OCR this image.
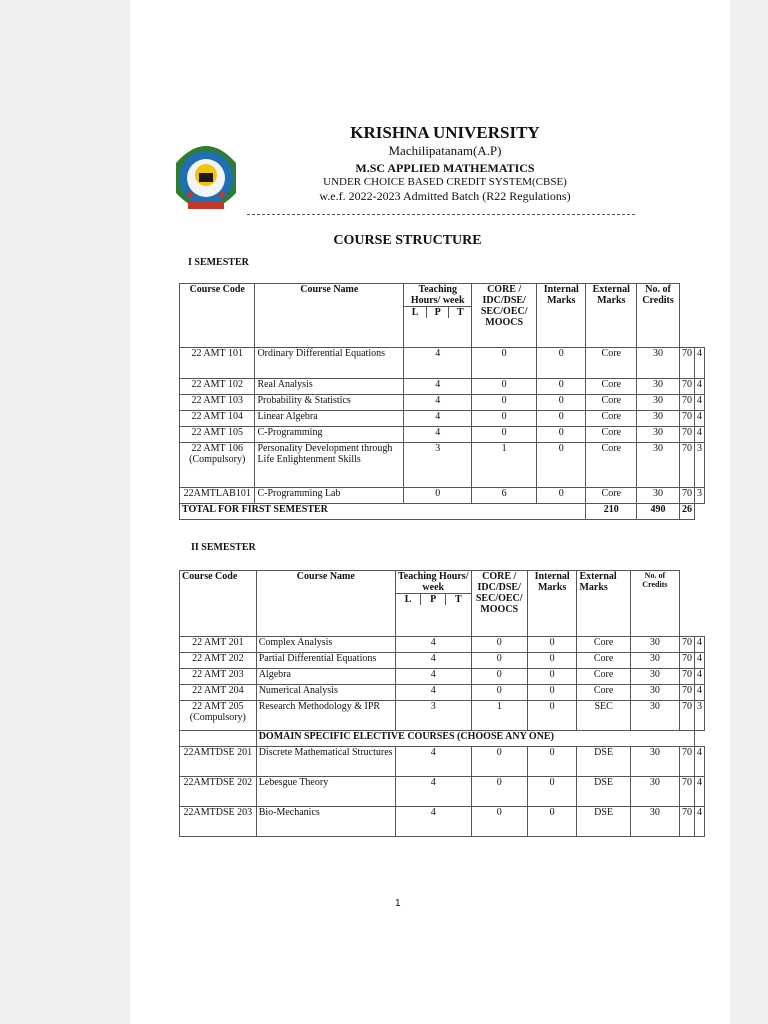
KRISHNA UNIVERSITY
Machilipatanam(A.P)
M.SC APPLIED MATHEMATICS
UNDER CHOICE BASED CREDIT SYSTEM(CBSE)
w.e.f. 2022-2023 Admitted Batch (R22 Regulations)
COURSE STRUCTURE
I SEMESTER
Course Code	Course Name	Teaching Hours/ week
L	P	T
	CORE / IDC/DSE/ SEC/OEC/ MOOCS	Internal Marks	External Marks	No. of Credits
22 AMT 101	Ordinary Differential Equations	4	0	0	Core	30	70	4
22 AMT 102	Real Analysis	4	0	0	Core	30	70	4
22 AMT 103	Probability & Statistics	4	0	0	Core	30	70	4
22 AMT 104	Linear Algebra	4	0	0	Core	30	70	4
22 AMT 105	C-Programming	4	0	0	Core	30	70	4
22 AMT 106 (Compulsory)	Personality Development through Life Enlightenment Skills	3	1	0	Core	30	70	3
22AMTLAB101	C-Programming Lab	0	6	0	Core	30	70	3
TOTAL FOR FIRST SEMESTER	210	490	26
II SEMESTER
Course Code	Course Name	Teaching Hours/ week
L	P	T
	CORE / IDC/DSE/ SEC/OEC/ MOOCS	Internal Marks	External Marks	No. of Credits
22 AMT 201	Complex Analysis	4	0	0	Core	30	70	4
22 AMT 202	Partial Differential Equations	4	0	0	Core	30	70	4
22 AMT 203	Algebra	4	0	0	Core	30	70	4
22 AMT 204	Numerical Analysis	4	0	0	Core	30	70	4
22 AMT 205 (Compulsory)	Research Methodology & IPR	3	1	0	SEC	30	70	3
	DOMAIN SPECIFIC ELECTIVE COURSES (CHOOSE ANY ONE)
22AMTDSE 201	Discrete Mathematical Structures	4	0	0	DSE	30	70	4
22AMTDSE 202	Lebesgue Theory	4	0	0	DSE	30	70	4
22AMTDSE 203	Bio-Mechanics	4	0	0	DSE	30	70	4
1
